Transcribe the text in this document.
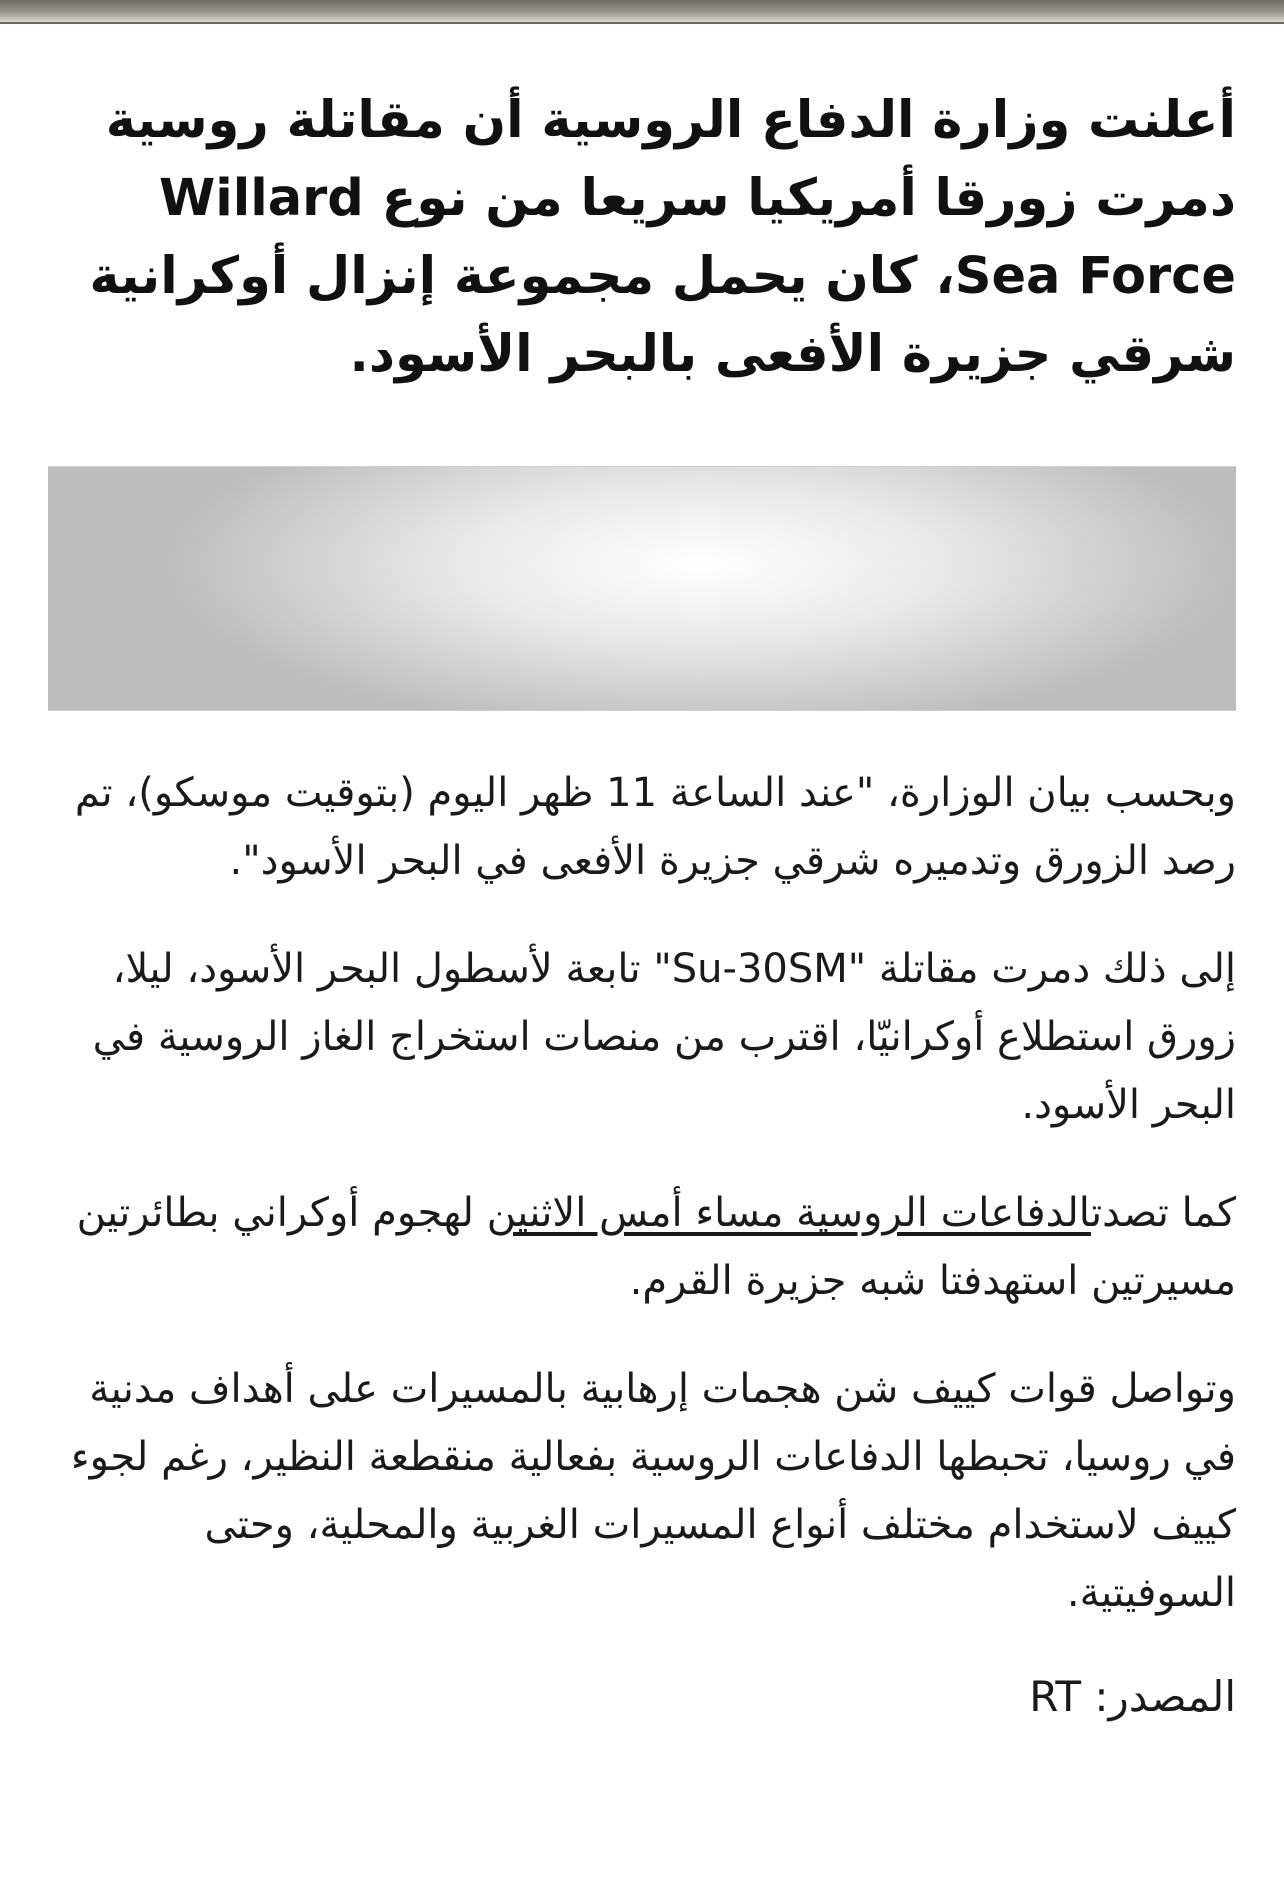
أعلنت وزارة الدفاع الروسية أن مقاتلة روسية دمرت زورقا أمريكيا سريعا من نوع Willard Sea Force، كان يحمل مجموعة إنزال أوكرانية شرقي جزيرة الأفعى بالبحر الأسود.

وبحسب بيان الوزارة، "عند الساعة 11 ظهر اليوم (بتوقيت موسكو)، تم رصد الزورق وتدميره شرقي جزيرة الأفعى في البحر الأسود".

إلى ذلك دمرت مقاتلة "Su-30SM" تابعة لأسطول البحر الأسود، ليلا، زورق استطلاع أوكرانيّا، اقترب من منصات استخراج الغاز الروسية في البحر الأسود.

كما تصدتالدفاعات الروسية مساء أمس الاثنين لهجوم أوكراني بطائرتين مسيرتين استهدفتا شبه جزيرة القرم.

وتواصل قوات كييف شن هجمات إرهابية بالمسيرات على أهداف مدنية في روسيا، تحبطها الدفاعات الروسية بفعالية منقطعة النظير، رغم لجوء كييف لاستخدام مختلف أنواع المسيرات الغربية والمحلية، وحتى السوفيتية.

المصدر: RT
